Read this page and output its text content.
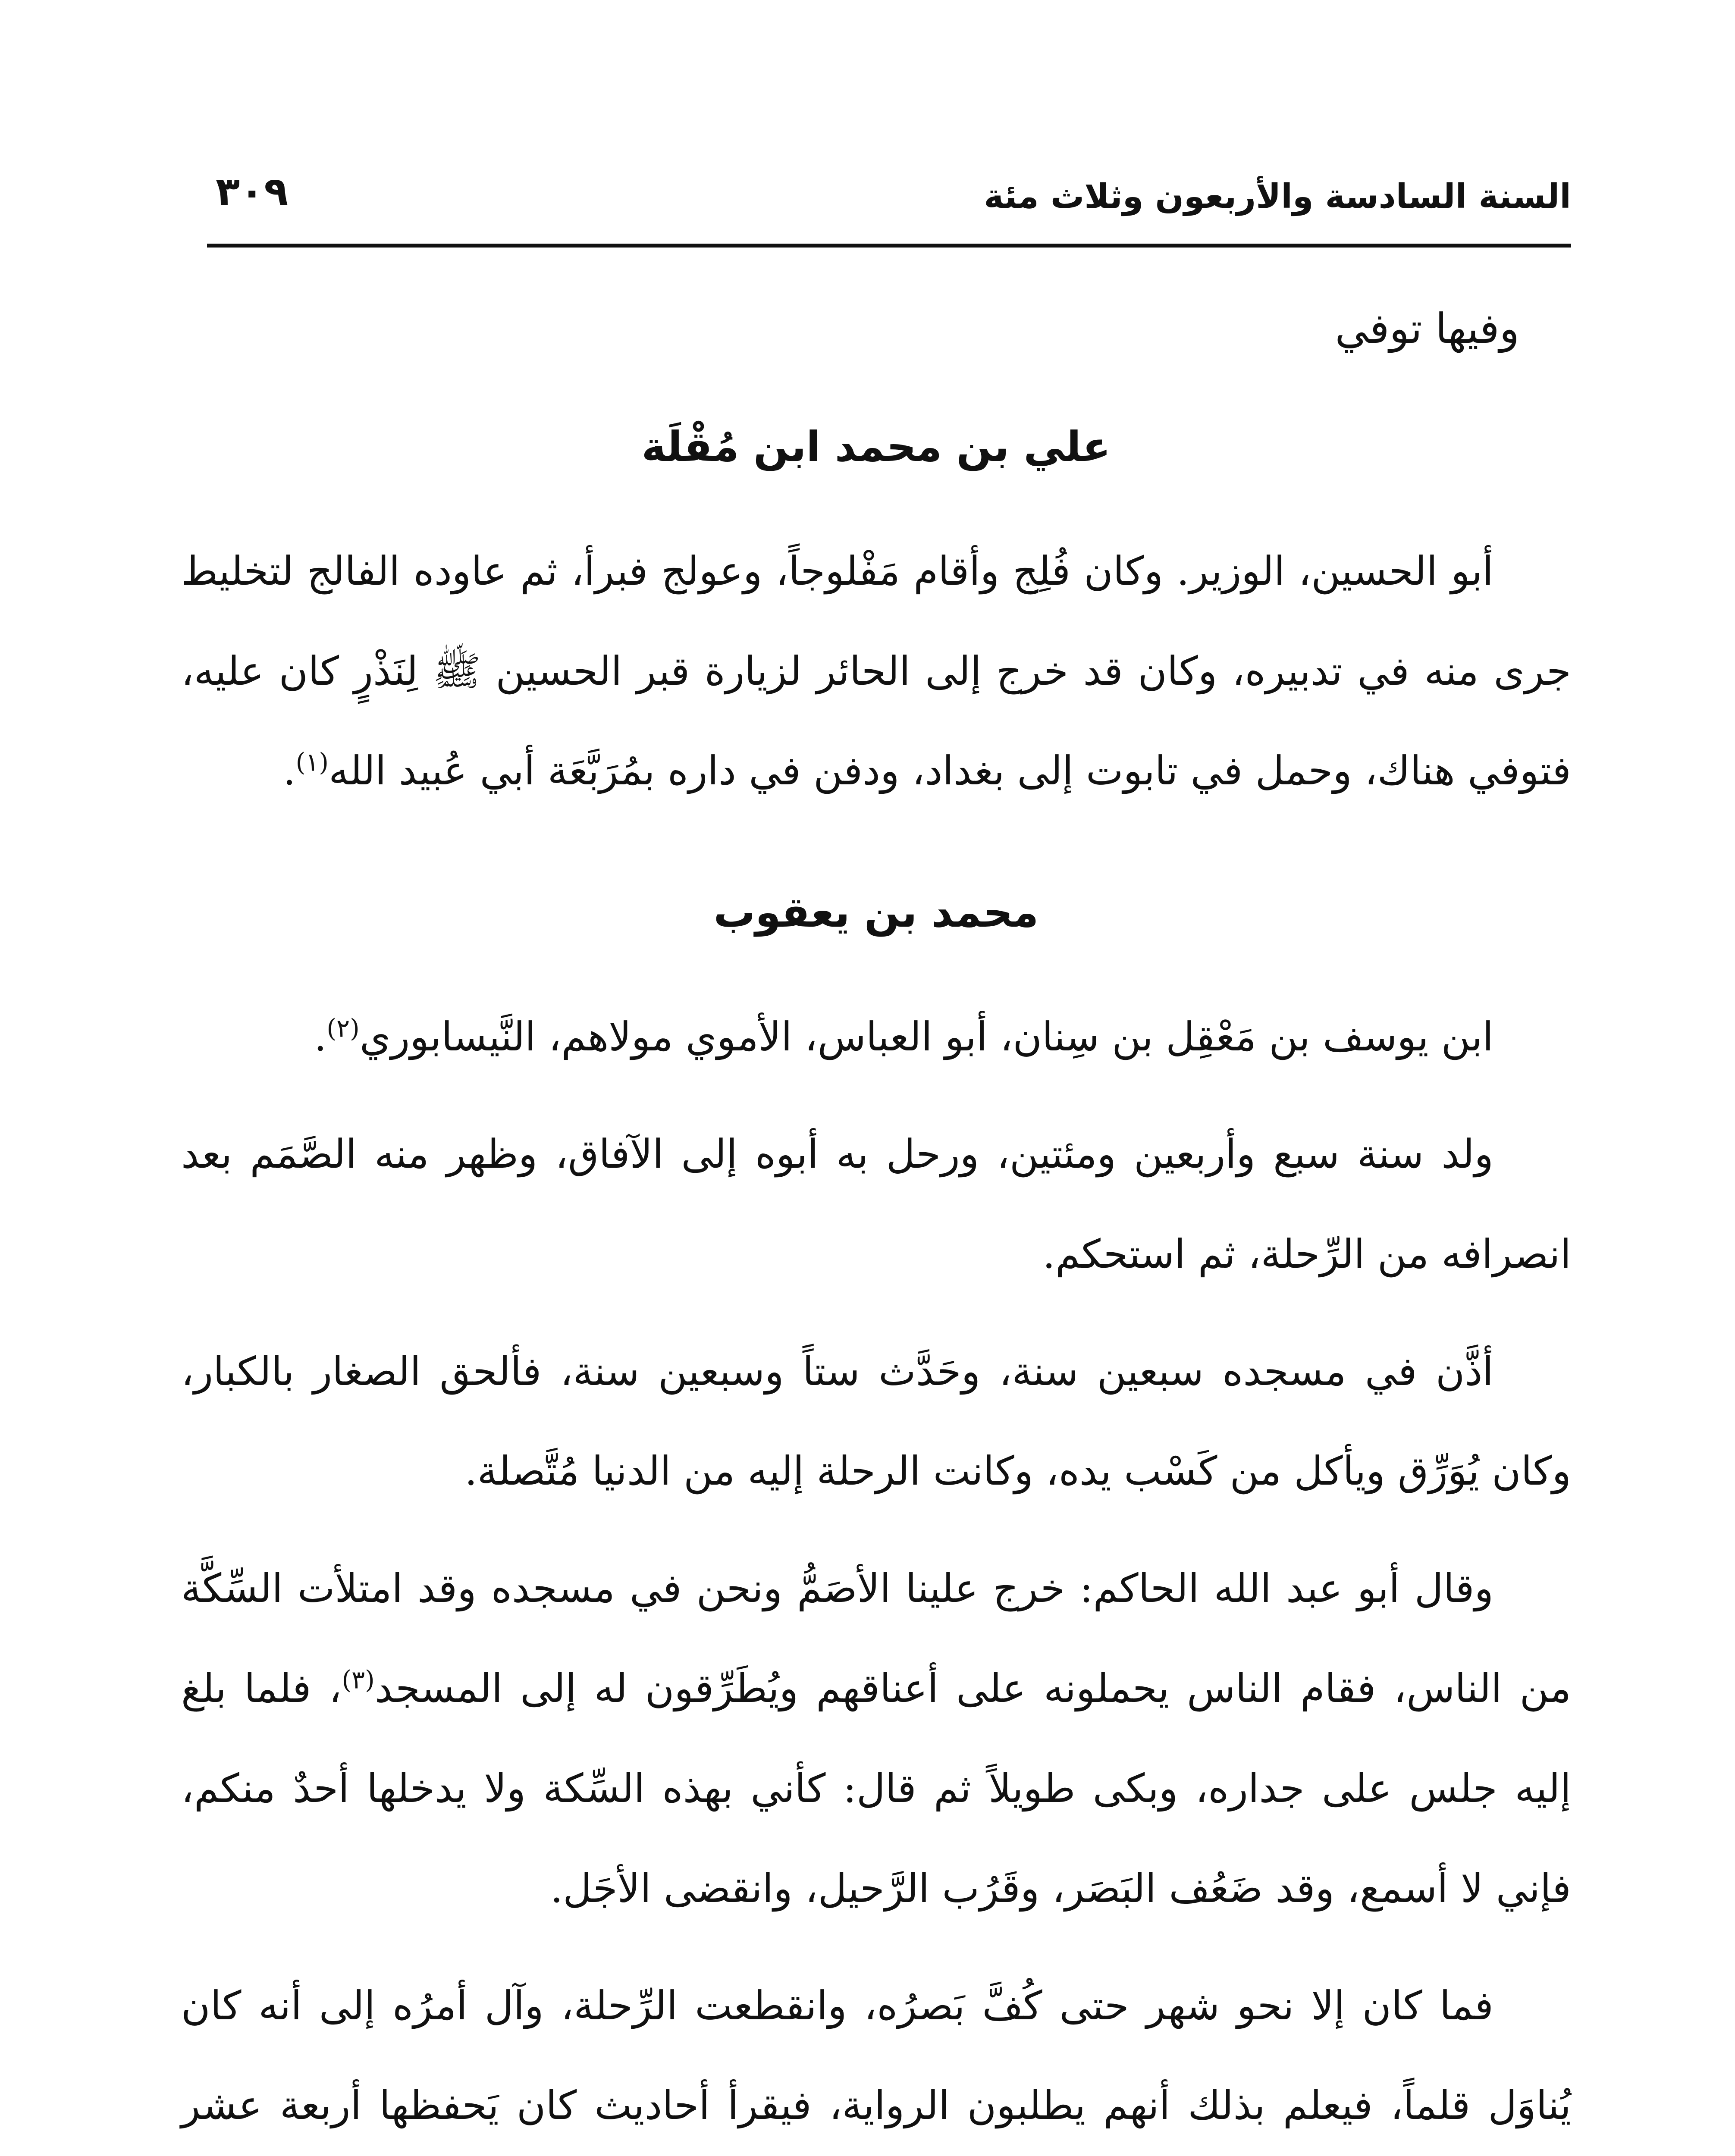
السنة السادسة والأربعون وثلاث مئة
٣٠٩
وفيها توفي
علي بن محمد ابن مُقْلَة

أبو الحسين، الوزير. وكان فُلِج وأقام مَفْلوجاً، وعولج فبرأ، ثم عاوده الفالج لتخليط جرى منه في تدبيره، وكان قد خرج إلى الحائر لزيارة قبر الحسين ﷺ لِنَذْرٍ كان عليه، فتوفي هناك، وحمل في تابوت إلى بغداد، ودفن في داره بمُرَبَّعَة أبي عُبيد الله$^{(١)}$.

محمد بن يعقوب

ابن يوسف بن مَعْقِل بن سِنان، أبو العباس، الأموي مولاهم، النَّيسابوري$^{(٢)}$.

ولد سنة سبع وأربعين ومئتين، ورحل به أبوه إلى الآفاق، وظهر منه الصَّمَم بعد انصرافه من الرِّحلة، ثم استحكم.

أذَّن في مسجده سبعين سنة، وحَدَّث ستاً وسبعين سنة، فألحق الصغار بالكبار، وكان يُوَرِّق ويأكل من كَسْب يده، وكانت الرحلة إليه من الدنيا مُتَّصلة.

وقال أبو عبد الله الحاكم: خرج علينا الأصَمُّ ونحن في مسجده وقد امتلأت السِّكَّة من الناس، فقام الناس يحملونه على أعناقهم ويُطَرِّقون له إلى المسجد$^{(٣)}$، فلما بلغ إليه جلس على جداره، وبكى طويلاً ثم قال: كأني بهذه السِّكة ولا يدخلها أحدٌ منكم، فإني لا أسمع، وقد ضَعُف البَصَر، وقَرُب الرَّحيل، وانقضى الأجَل.

فما كان إلا نحو شهر حتى كُفَّ بَصرُه، وانقطعت الرِّحلة، وآل أمرُه إلى أنه كان يُناوَل قلماً، فيعلم بذلك أنهم يطلبون الرواية، فيقرأ أحاديث كان يَحفظها أربعة عشر
